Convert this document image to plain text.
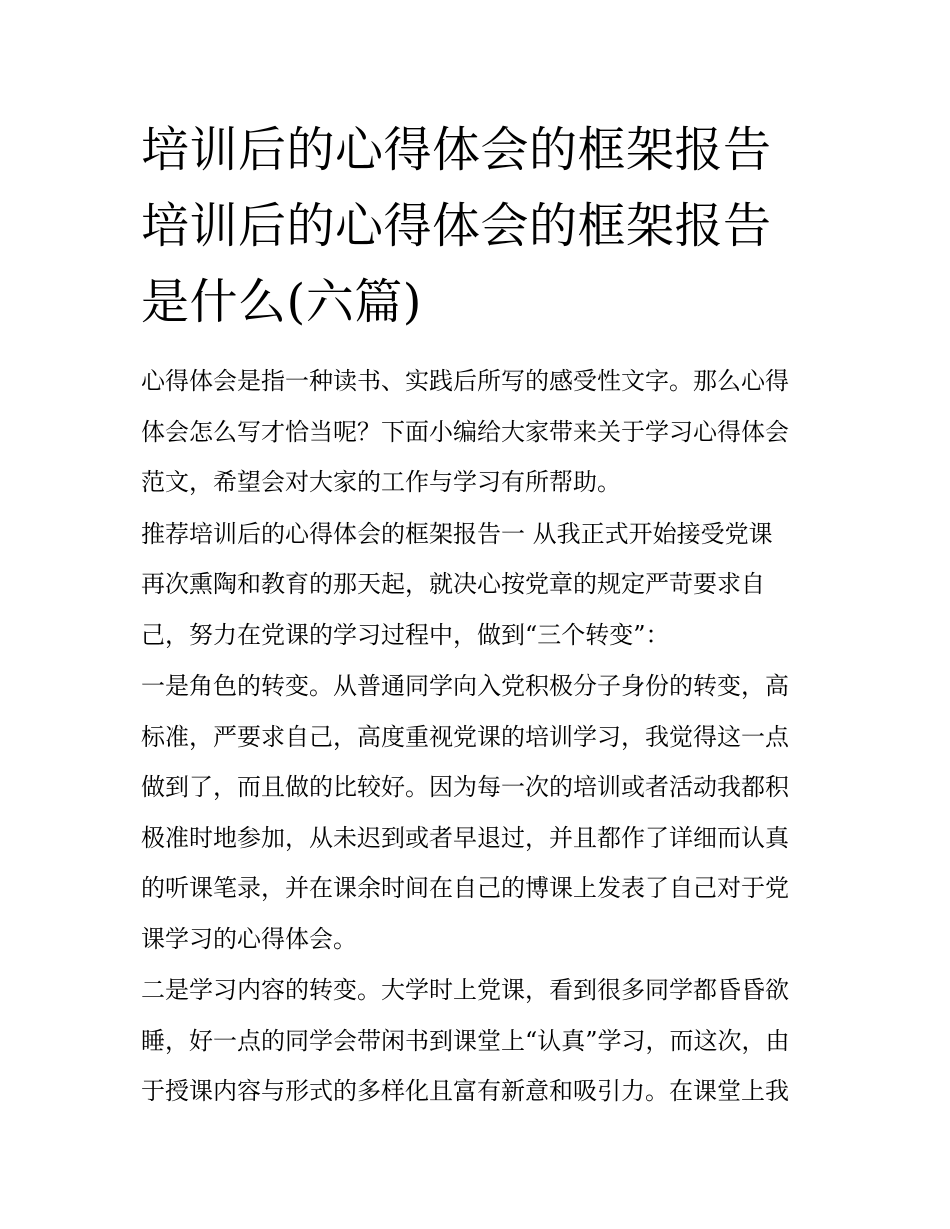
培训后的心得体会的框架报告
培训后的心得体会的框架报告
是什么(六篇)

心得体会是指一种读书、实践后所写的感受性文字。那么心得
体会怎么写才恰当呢？下面小编给大家带来关于学习心得体会
范文，希望会对大家的工作与学习有所帮助。

推荐培训后的心得体会的框架报告一 从我正式开始接受党课
再次熏陶和教育的那天起，就决心按党章的规定严苛要求自
己，努力在党课的学习过程中，做到“三个转变”：

一是角色的转变。从普通同学向入党积极分子身份的转变，高
标准，严要求自己，高度重视党课的培训学习，我觉得这一点
做到了，而且做的比较好。因为每一次的培训或者活动我都积
极准时地参加，从未迟到或者早退过，并且都作了详细而认真
的听课笔录，并在课余时间在自己的博课上发表了自己对于党
课学习的心得体会。

二是学习内容的转变。大学时上党课，看到很多同学都昏昏欲
睡，好一点的同学会带闲书到课堂上“认真”学习，而这次，由
于授课内容与形式的多样化且富有新意和吸引力。在课堂上我
